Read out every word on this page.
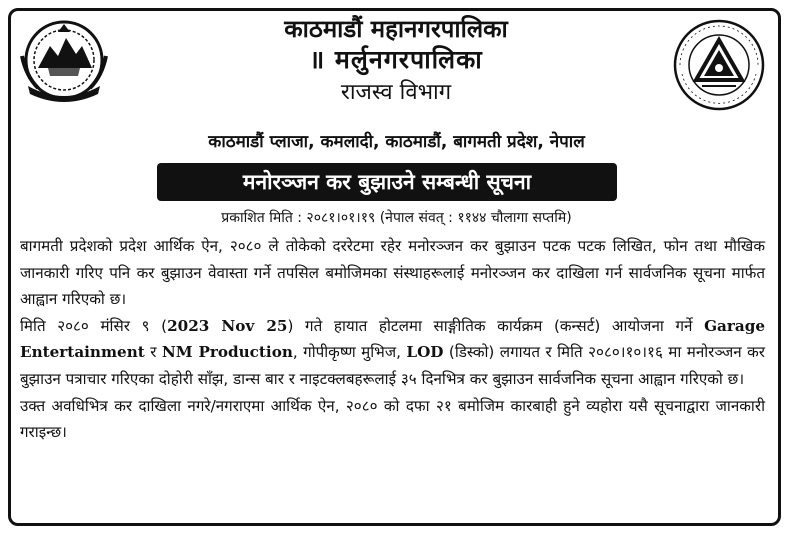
काठमाडौं महानगरपालिका

॥ मर्लुनगरपालिका

राजस्व विभाग

काठमाडौं प्लाजा, कमलादी, काठमाडौं, बागमती प्रदेश, नेपाल
मनोरञ्जन कर बुझाउने सम्बन्धी सूचना
प्रकाशित मिति : २०८१।०१।१९ (नेपाल संवत् : ११४४ चौलागा सप्तमि)

बागमती प्रदेशको प्रदेश आर्थिक ऐन, २०८० ले तोकेको दररेटमा रहेर मनोरञ्जन कर बुझाउन पटक पटक लिखित, फोन तथा मौखिक जानकारी गरिए पनि कर बुझाउन वेवास्ता गर्ने तपसिल बमोजिमका संस्थाहरूलाई मनोरञ्जन कर दाखिला गर्न सार्वजनिक सूचना मार्फत आह्वान गरिएको छ।

मिति २०८० मंसिर ९ (2023 Nov 25) गते हायात होटलमा साङ्गीतिक कार्यक्रम (कन्सर्ट) आयोजना गर्ने Garage Entertainment र NM Production, गोपीकृष्ण मुभिज, LOD (डिस्को) लगायत र मिति २०८०।१०।१६ मा मनोरञ्जन कर बुझाउन पत्राचार गरिएका दोहोरी साँझ, डान्स बार र नाइटक्लबहरूलाई ३५ दिनभित्र कर बुझाउन सार्वजनिक सूचना आह्वान गरिएको छ।

उक्त अवधिभित्र कर दाखिला नगरे/नगराएमा आर्थिक ऐन, २०८० को दफा २१ बमोजिम कारबाही हुने व्यहोरा यसै सूचनाद्वारा जानकारी गराइन्छ।
